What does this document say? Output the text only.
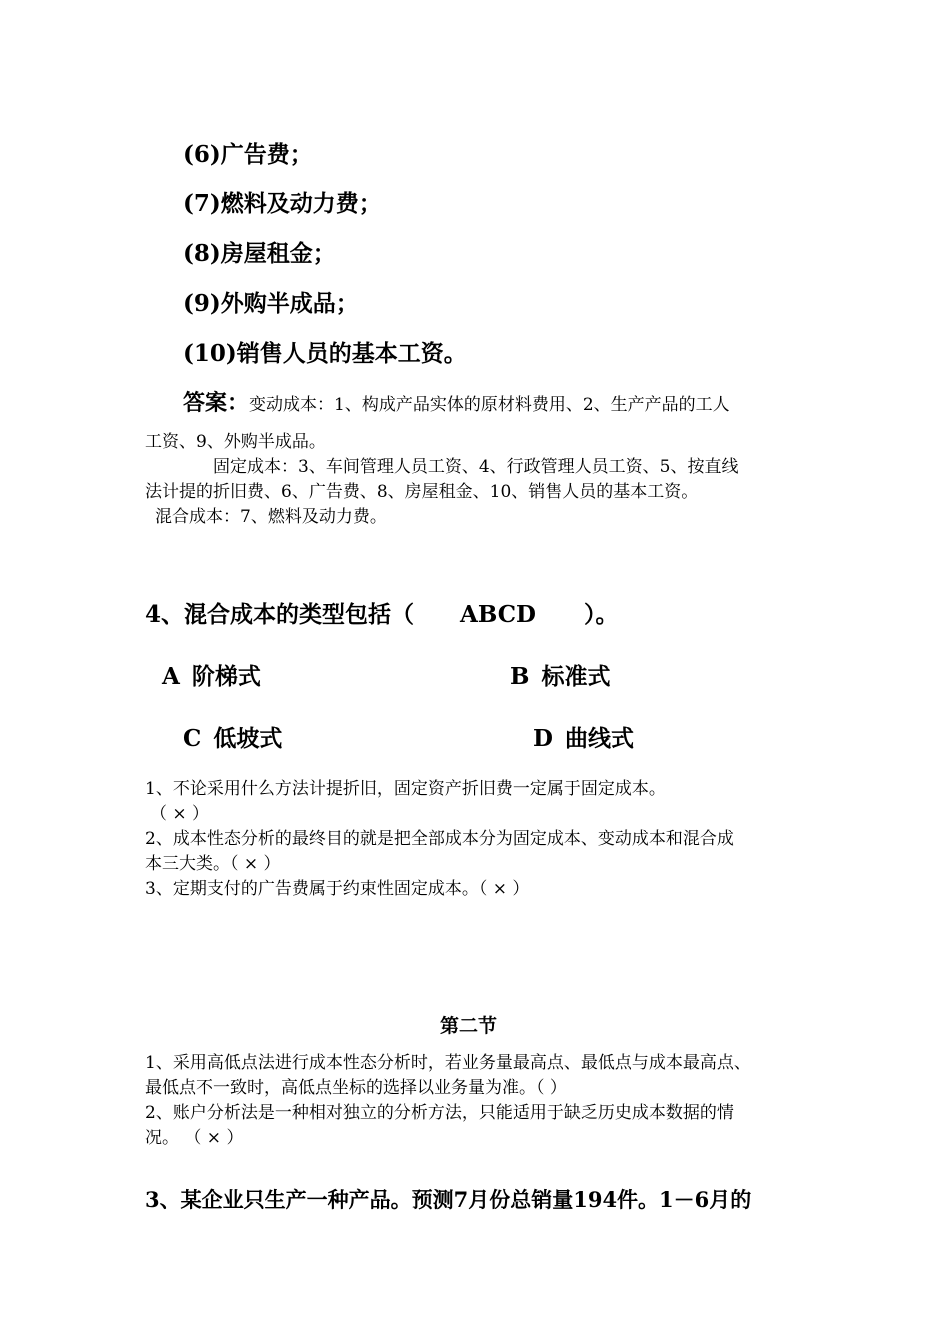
(6)广告费；
(7)燃料及动力费；
(8)房屋租金；
(9)外购半成品；
(10)销售人员的基本工资。
答案：变动成本：1、构成产品实体的原材料费用、2、生产产品的工人
工资、9、外购半成品。
固定成本：3、车间管理人员工资、4、行政管理人员工资、5、按直线
法计提的折旧费、6、广告费、8、房屋租金、10、销售人员的基本工资。
混合成本：7、燃料及动力费。
4、混合成本的类型包括（ ABCD ）。
A 阶梯式	B 标准式
C 低坡式	D 曲线式
1、不论采用什么方法计提折旧，固定资产折旧费一定属于固定成本。
（ × ）
2、成本性态分析的最终目的就是把全部成本分为固定成本、变动成本和混合成
本三大类。（ × ）
3、定期支付的广告费属于约束性固定成本。（ × ）
第二节
1、采用高低点法进行成本性态分析时，若业务量最高点、最低点与成本最高点、
最低点不一致时，高低点坐标的选择以业务量为准。（ ）
2、账户分析法是一种相对独立的分析方法，只能适用于缺乏历史成本数据的情
况。 （ × ）
3、某企业只生产一种产品。预测7月份总销量194件。1－6月的
